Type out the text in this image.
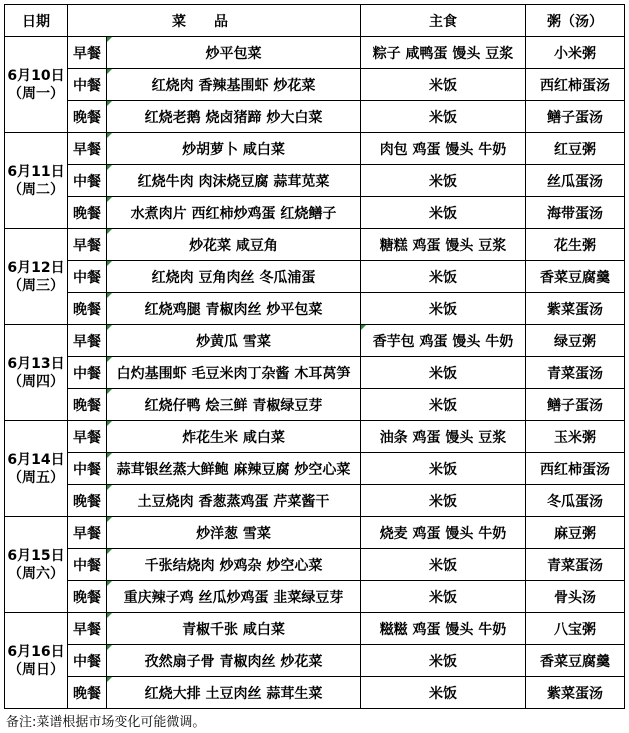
日期	菜品		主食	粥（汤）

6月10日
（周一）	早餐	炒平包菜	粽子 咸鸭蛋 馒头 豆浆	小米粥
	中餐	红烧肉 香辣基围虾 炒花菜	米饭	西红柿蛋汤
	晚餐	红烧老鹅 烧卤猪蹄 炒大白菜	米饭	鳝子蛋汤

6月11日
（周二）	早餐	炒胡萝卜 咸白菜	肉包 鸡蛋 馒头 牛奶	红豆粥
	中餐	红烧牛肉 肉沫烧豆腐 蒜茸苋菜	米饭	丝瓜蛋汤
	晚餐	水煮肉片 西红柿炒鸡蛋 红烧鳝子	米饭	海带蛋汤

6月12日
（周三）	早餐	炒花菜 咸豆角	糖糕 鸡蛋 馒头 豆浆	花生粥
	中餐	红烧肉 豆角肉丝 冬瓜浦蛋	米饭	香菜豆腐羹
	晚餐	红烧鸡腿 青椒肉丝 炒平包菜	米饭	紫菜蛋汤

6月13日
（周四）	早餐	炒黄瓜 雪菜	香芋包 鸡蛋 馒头 牛奶	绿豆粥
	中餐	白灼基围虾 毛豆米肉丁杂酱 木耳莴笋	米饭	青菜蛋汤
	晚餐	红烧仔鸭 烩三鲜 青椒绿豆芽	米饭	鳝子蛋汤

6月14日
（周五）	早餐	炸花生米 咸白菜	油条 鸡蛋 馒头 豆浆	玉米粥
	中餐	蒜茸银丝蒸大鲜鲍 麻辣豆腐 炒空心菜	米饭	西红柿蛋汤
	晚餐	土豆烧肉 香葱蒸鸡蛋 芹菜酱干	米饭	冬瓜蛋汤

6月15日
（周六）	早餐	炒洋葱 雪菜	烧麦 鸡蛋 馒头 牛奶	麻豆粥
	中餐	千张结烧肉 炒鸡杂 炒空心菜	米饭	青菜蛋汤
	晚餐	重庆辣子鸡 丝瓜炒鸡蛋 韭菜绿豆芽	米饭	骨头汤

6月16日
（周日）	早餐	青椒千张 咸白菜	糍糍 鸡蛋 馒头 牛奶	八宝粥
	中餐	孜然扇子骨 青椒肉丝 炒花菜	米饭	香菜豆腐羹
	晚餐	红烧大排 土豆肉丝 蒜茸生菜	米饭	紫菜蛋汤
备注:菜谱根据市场变化可能微调。
